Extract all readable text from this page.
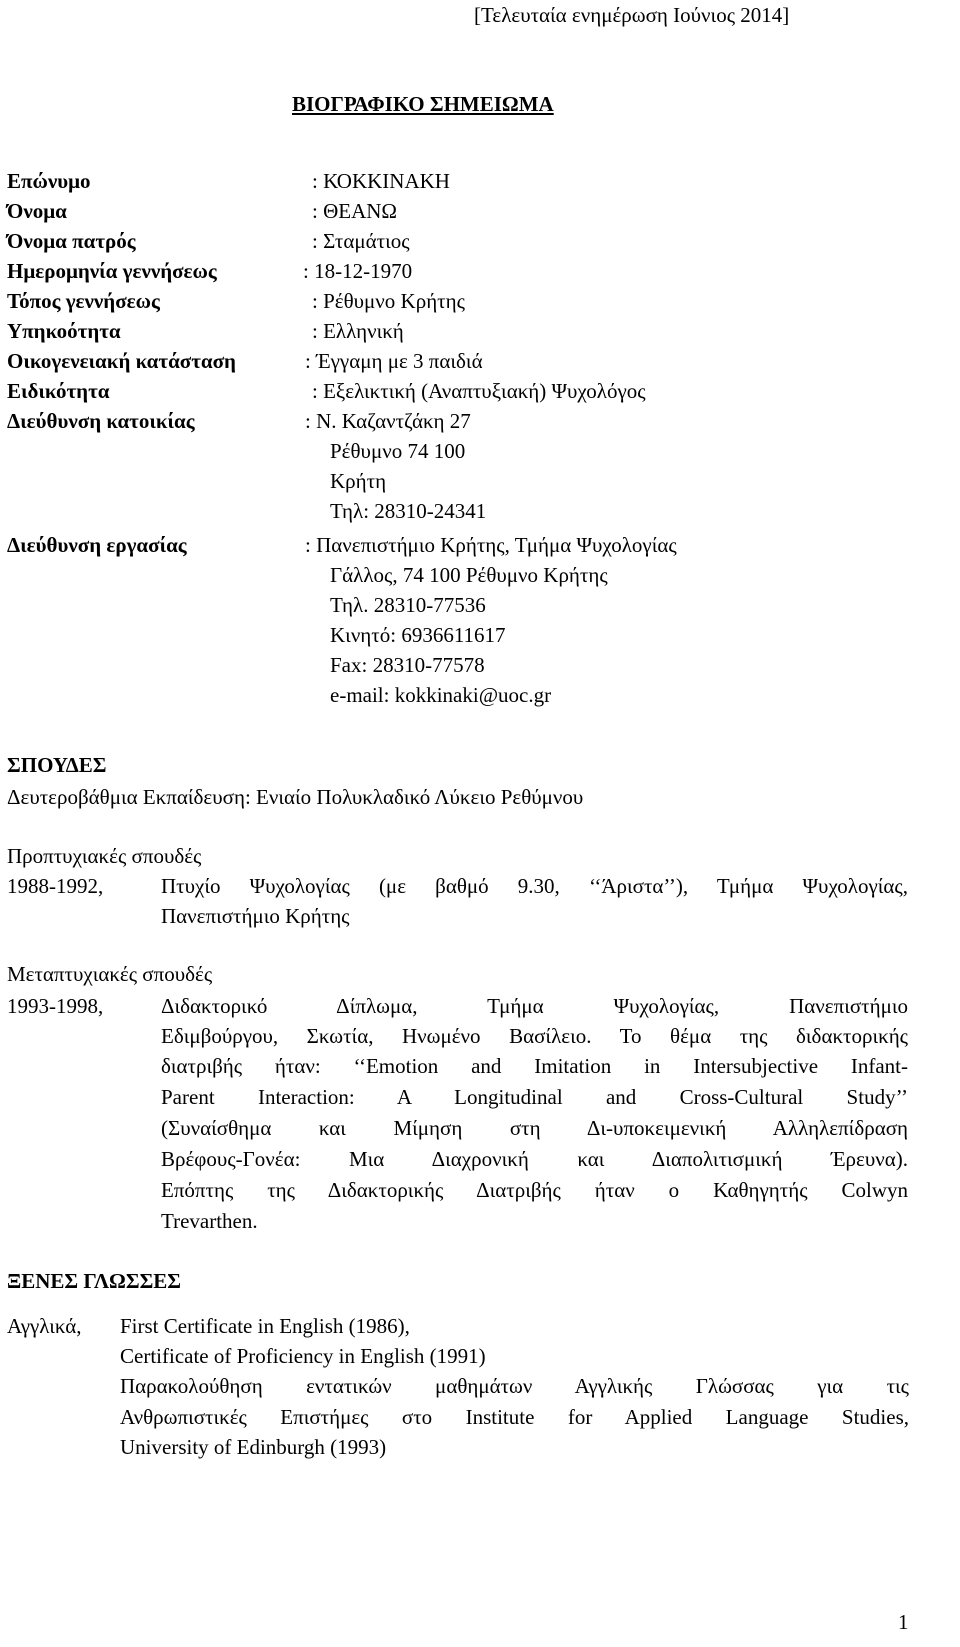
[Τελευταία ενημέρωση Ιούνιος 2014]
ΒΙΟΓΡΑΦΙΚΟ ΣΗΜΕΙΩΜΑ
Επώνυμο	: ΚΟΚΚΙΝΑΚΗ
Όνομα	: ΘΕΑΝΩ
Όνομα πατρός	: Σταμάτιος
Ημερομηνία γεννήσεως	: 18-12-1970
Τόπος γεννήσεως	: Ρέθυμνο Κρήτης
Υπηκοότητα	: Ελληνική
Οικογενειακή κατάσταση	: Έγγαμη με 3 παιδιά
Ειδικότητα	: Εξελικτική (Αναπτυξιακή) Ψυχολόγος
Διεύθυνση κατοικίας	: Ν. Καζαντζάκη 27
Ρέθυμνο 74 100
Κρήτη
Τηλ: 28310-24341
Διεύθυνση εργασίας	: Πανεπιστήμιο Κρήτης, Τμήμα Ψυχολογίας
Γάλλος, 74 100 Ρέθυμνο Κρήτης
Τηλ. 28310-77536
Κινητό: 6936611617
Fax: 28310-77578
e-mail: kokkinaki@uoc.gr
ΣΠΟΥΔΕΣ
Δευτεροβάθμια Εκπαίδευση: Ενιαίο Πολυκλαδικό Λύκειο Ρεθύμνου
Προπτυχιακές σπουδές
1988-1992,	Πτυχίο Ψυχολογίας (με βαθμό 9.30, ‘‘Άριστα’’), Τμήμα Ψυχολογίας,
Πανεπιστήμιο Κρήτης
Μεταπτυχιακές σπουδές
1993-1998,	Διδακτορικό Δίπλωμα, Τμήμα Ψυχολογίας, Πανεπιστήμιο
Εδιμβούργου, Σκωτία, Ηνωμένο Βασίλειο. Το θέμα της διδακτορικής
διατριβής ήταν: ‘‘Emotion and Imitation in Intersubjective Infant-
Parent Interaction: A Longitudinal and Cross-Cultural Study’’
(Συναίσθημα και Μίμηση στη Δι-υποκειμενική Αλληλεπίδραση
Βρέφους-Γονέα: Μια Διαχρονική και Διαπολιτισμική Έρευνα).
Επόπτης της Διδακτορικής Διατριβής ήταν ο Καθηγητής Colwyn
Trevarthen.
ΞΕΝΕΣ ΓΛΩΣΣΕΣ
Αγγλικά, First Certificate in English (1986),
Certificate of Proficiency in English (1991)
Παρακολούθηση εντατικών μαθημάτων Αγγλικής Γλώσσας για τις
Ανθρωπιστικές Επιστήμες στο Institute for Applied Language Studies,
University of Edinburgh (1993)
1
